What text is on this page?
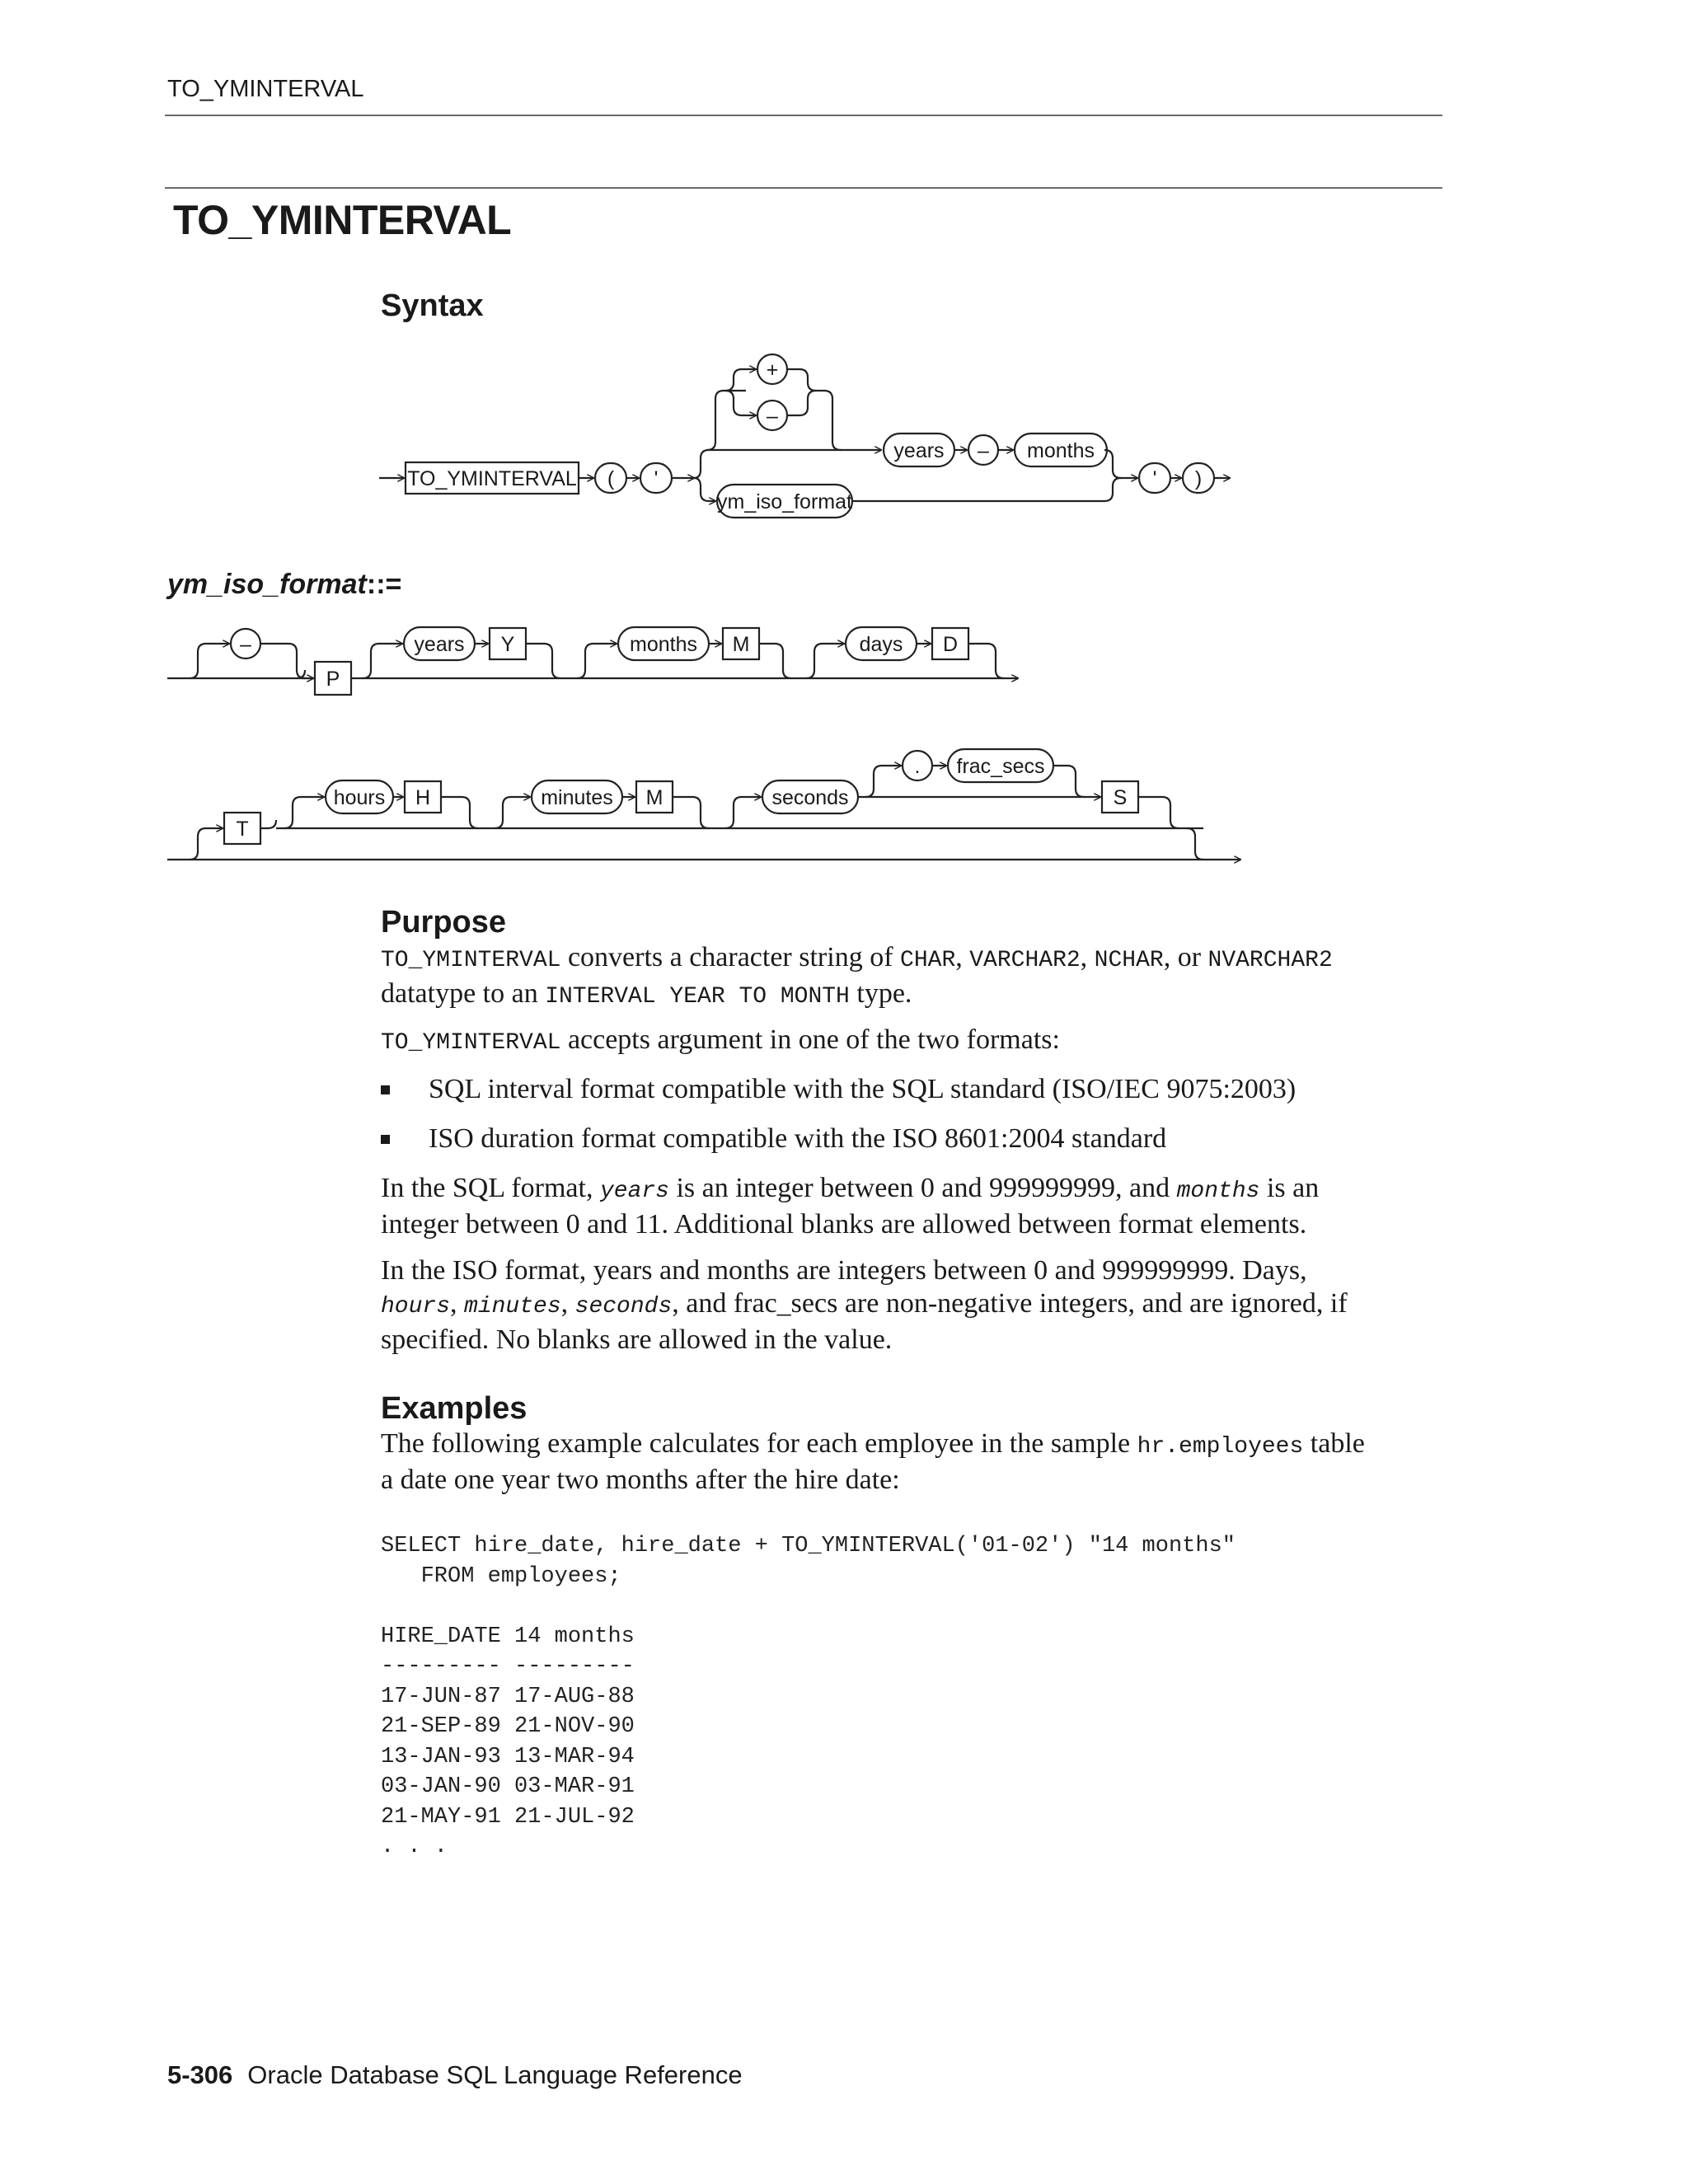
TO_YMINTERVAL
TO_YMINTERVAL
Syntax
TO_YMINTERVAL ( '
+
–
ym_iso_format
years – months
' )
–
P
years Y	months M	days D
T
hours H	minutes M	seconds
. frac_secs
S
ym_iso_format::=
Purpose

TO_YMINTERVAL converts a character string of CHAR, VARCHAR2, NCHAR, or NVARCHAR2

datatype to an INTERVAL YEAR TO MONTH type.

TO_YMINTERVAL accepts argument in one of the two formats:

SQL interval format compatible with the SQL standard (ISO/IEC 9075:2003)
ISO duration format compatible with the ISO 8601:2004 standard

In the SQL format, years is an integer between 0 and 999999999, and months is an

integer between 0 and 11. Additional blanks are allowed between format elements.

In the ISO format, years and months are integers between 0 and 999999999. Days,

hours, minutes, seconds, and frac_secs are non-negative integers, and are ignored, if

specified. No blanks are allowed in the value.

Examples

The following example calculates for each employee in the sample hr.employees table

a date one year two months after the hire date:

SELECT hire_date, hire_date + TO_YMINTERVAL('01-02') "14 months"
FROM employees;

HIRE_DATE 14 months
--------- ---------
17-JUN-87 17-AUG-88
21-SEP-89 21-NOV-90
13-JAN-93 13-MAR-94
03-JAN-90 03-MAR-91
21-MAY-91 21-JUL-92
. . .
5-306 Oracle Database SQL Language Reference
